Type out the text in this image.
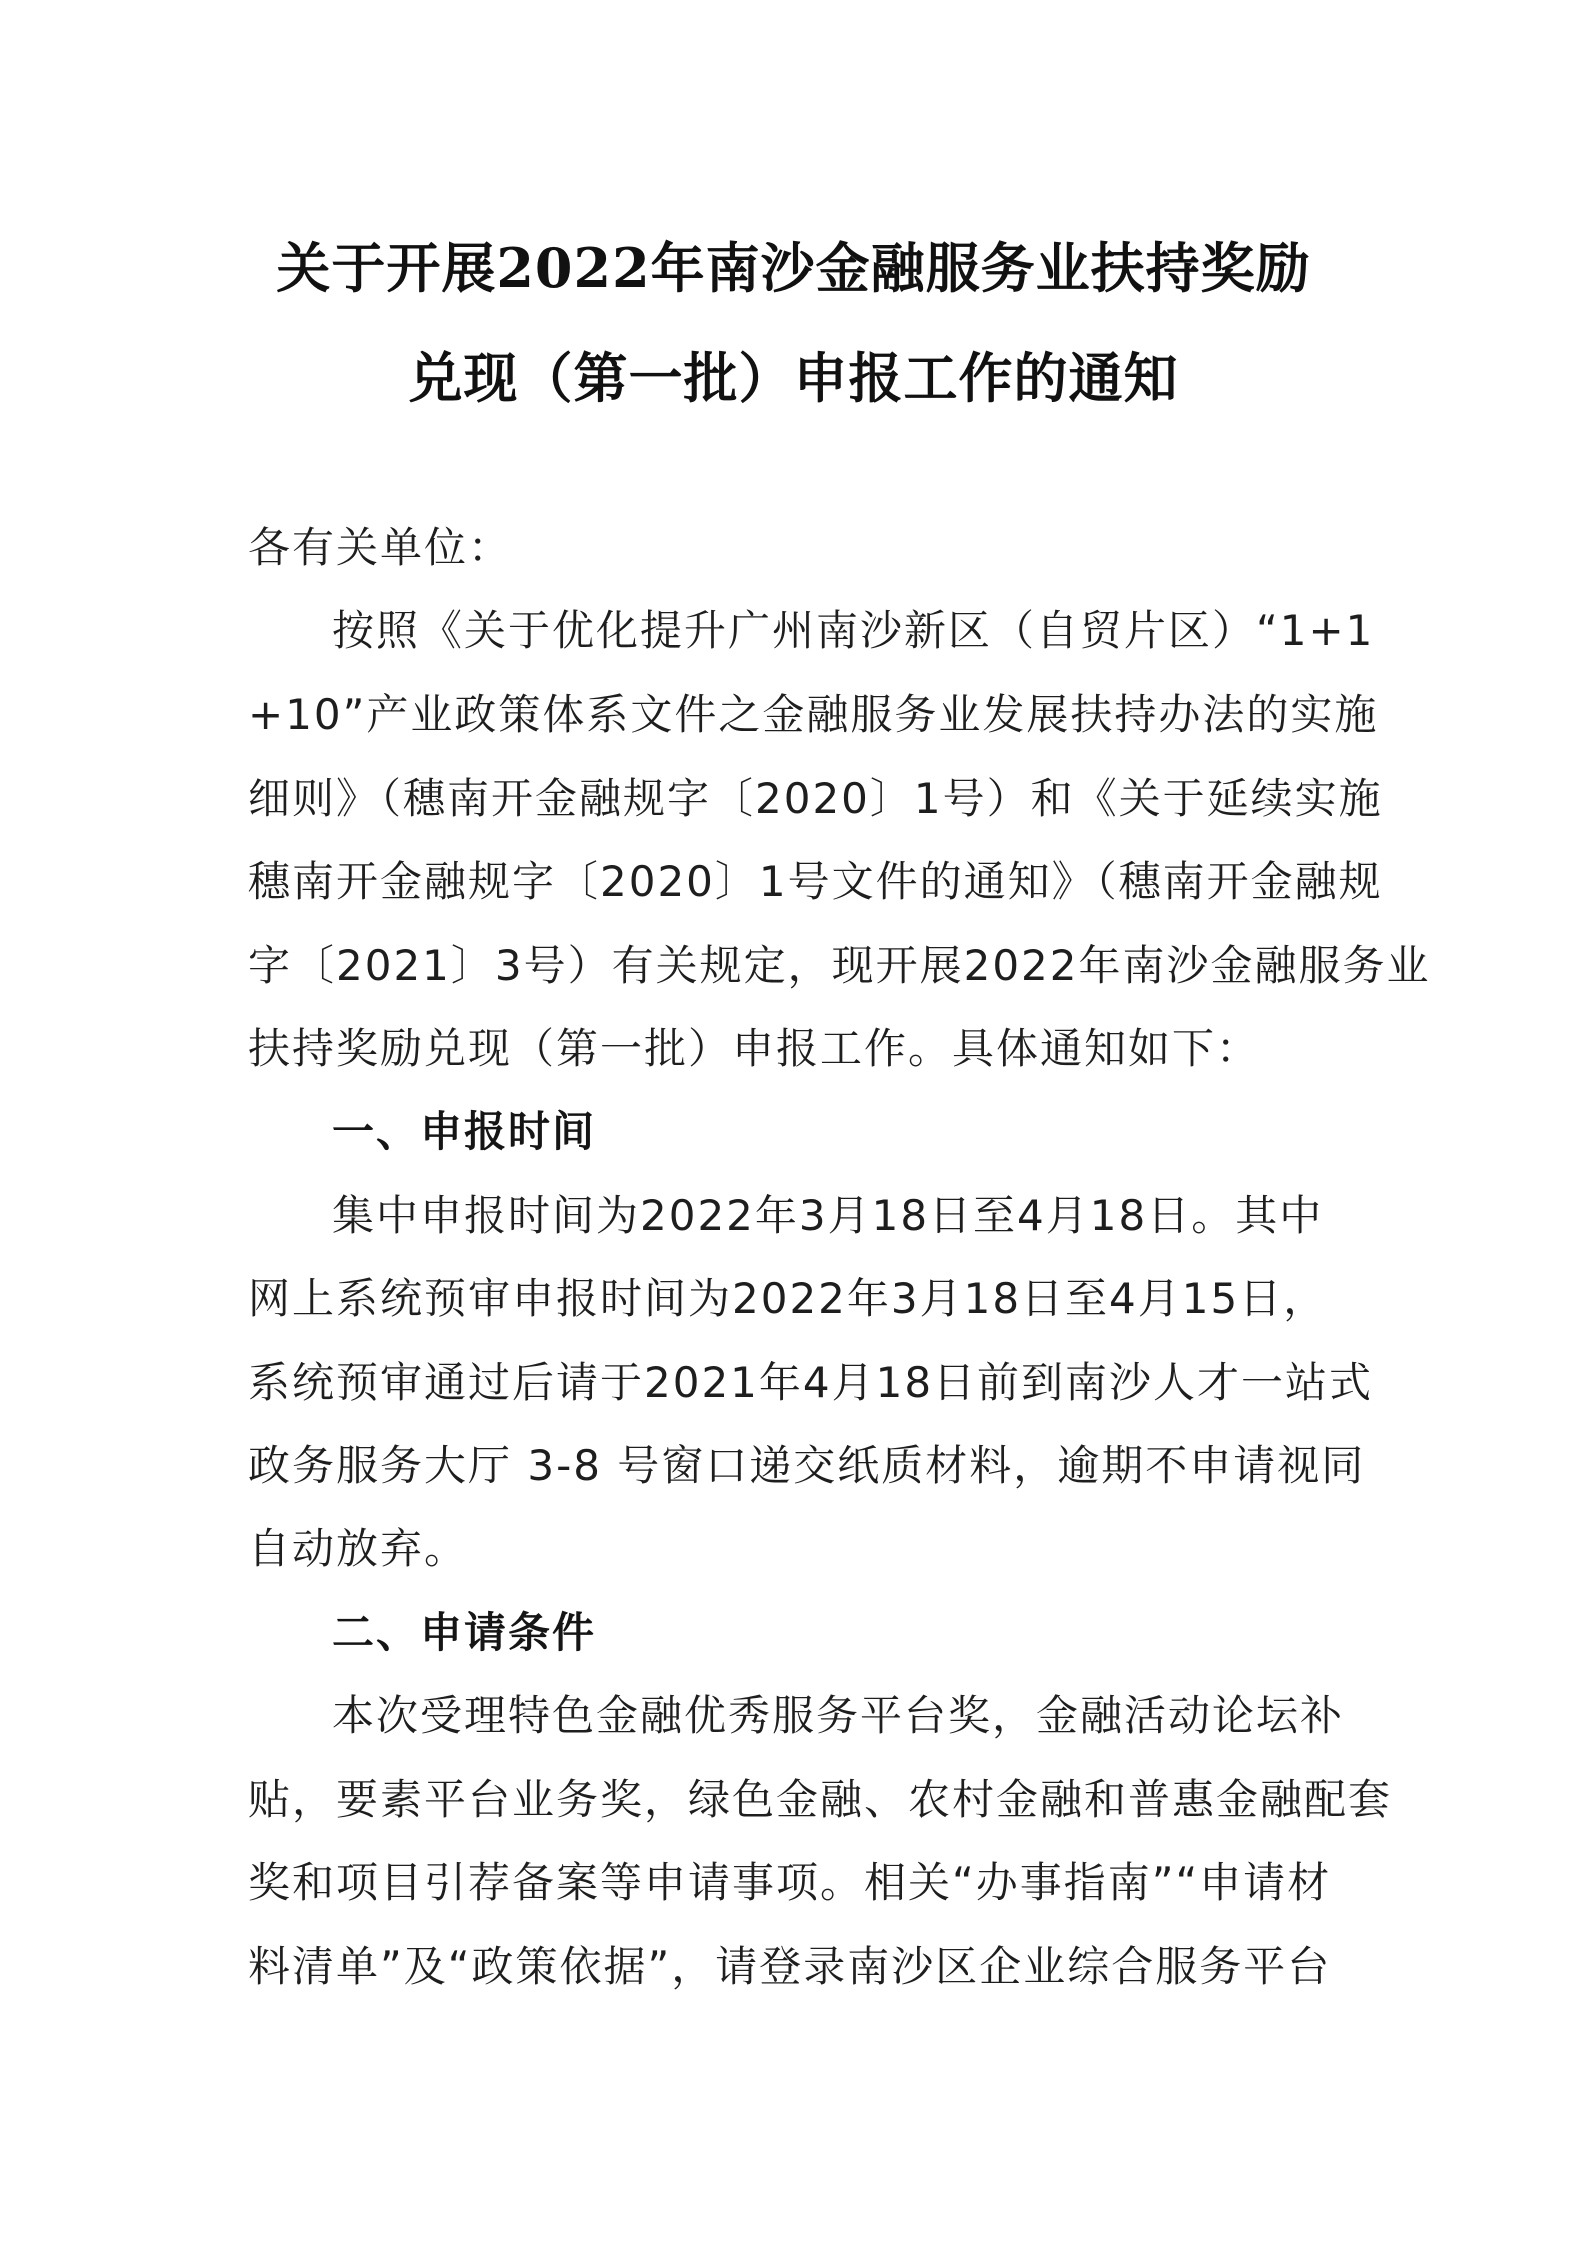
关于开展2022年南沙金融服务业扶持奖励
兑现（第一批）申报工作的通知
各有关单位：
按照《关于优化提升广州南沙新区（自贸片区）“1+1
+10”产业政策体系文件之金融服务业发展扶持办法的实施
细则》（穗南开金融规字〔2020〕1号）和《关于延续实施
穗南开金融规字〔2020〕1号文件的通知》（穗南开金融规
字〔2021〕3号）有关规定，现开展2022年南沙金融服务业
扶持奖励兑现（第一批）申报工作。具体通知如下：
一、申报时间
集中申报时间为2022年3月18日至4月18日。其中
网上系统预审申报时间为2022年3月18日至4月15日，
系统预审通过后请于2021年4月18日前到南沙人才一站式
政务服务大厅 3-8 号窗口递交纸质材料，逾期不申请视同
自动放弃。
二、申请条件
本次受理特色金融优秀服务平台奖，金融活动论坛补
贴，要素平台业务奖，绿色金融、农村金融和普惠金融配套
奖和项目引荐备案等申请事项。相关“办事指南”“申请材
料清单”及“政策依据”，请登录南沙区企业综合服务平台
